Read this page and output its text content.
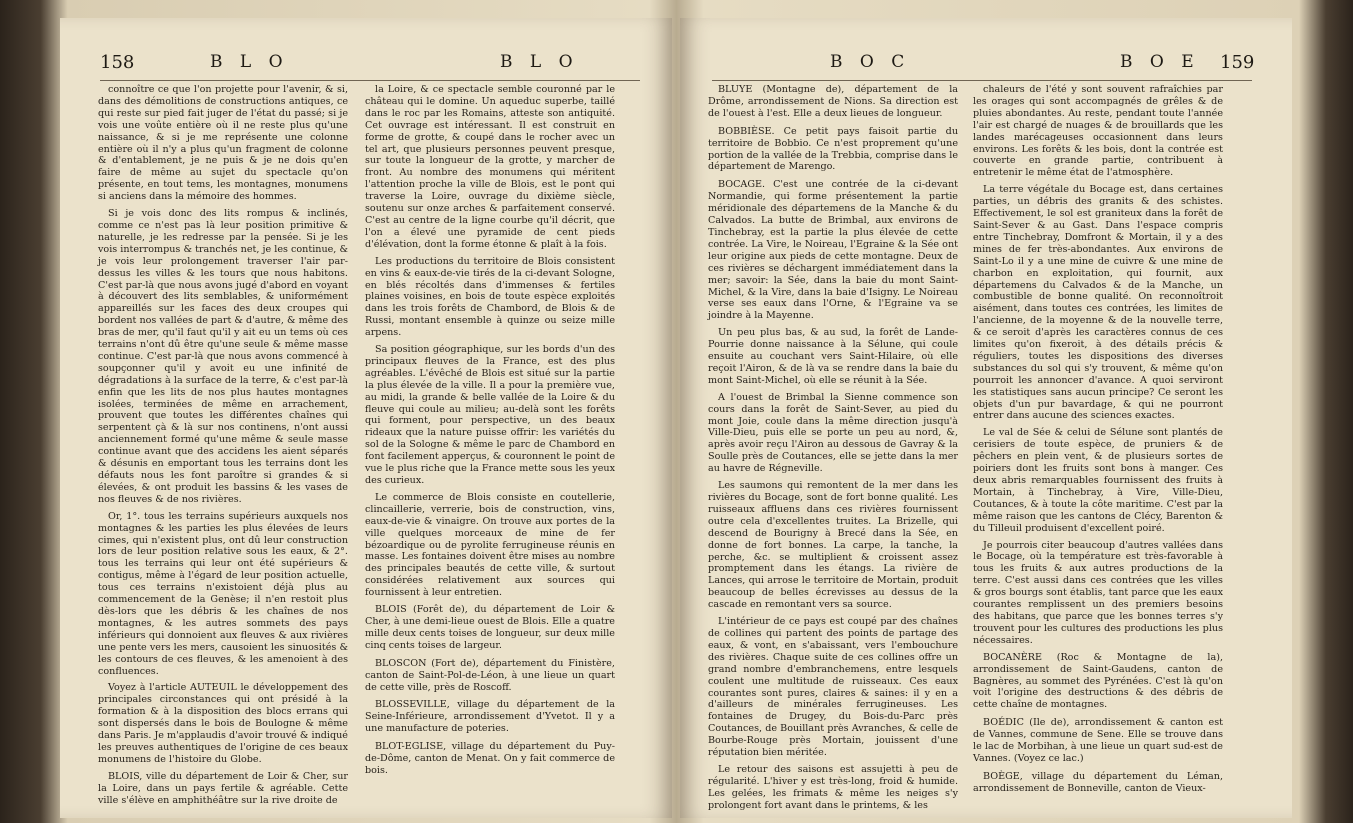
158	B L O	B L O

connoître ce que l'on projette pour l'avenir, & si, dans des démolitions de constructions antiques, ce qui reste sur pied fait juger de l'état du passé; si je vois une voûte entière où il ne reste plus qu'une naissance, & si je me représente une colonne entière où il n'y a plus qu'un fragment de colonne & d'entablement, je ne puis & je ne dois qu'en faire de même au sujet du spectacle qu'on présente, en tout tems, les montagnes, monumens si anciens dans la mémoire des hommes.

Si je vois donc des lits rompus & inclinés, comme ce n'est pas là leur position primitive & naturelle, je les redresse par la pensée. Si je les vois interrompus & tranchés net, je les continue, & je vois leur prolongement traverser l'air par-dessus les villes & les tours que nous habitons. C'est par-là que nous avons jugé d'abord en voyant à découvert des lits semblables, & uniformément appareillés sur les faces des deux croupes qui bordent nos vallées de part & d'autre, & même des bras de mer, qu'il faut qu'il y ait eu un tems où ces terrains n'ont dû être qu'une seule & même masse continue. C'est par-là que nous avons commencé à soupçonner qu'il y avoit eu une infinité de dégradations à la surface de la terre, & c'est par-là enfin que les lits de nos plus hautes montagnes isolées, terminées de même en arrachement, prouvent que toutes les différentes chaînes qui serpentent çà & là sur nos continens, n'ont aussi anciennement formé qu'une même & seule masse continue avant que des accidens les aient séparés & désunis en emportant tous les terrains dont les défauts nous les font paroître si grandes & si élevées, & ont produit les bassins & les vases de nos fleuves & de nos rivières.

Or, 1°. tous les terrains supérieurs auxquels nos montagnes & les parties les plus élevées de leurs cimes, qui n'existent plus, ont dû leur construction lors de leur position relative sous les eaux, & 2°. tous les terrains qui leur ont été supérieurs & contigus, même à l'égard de leur position actuelle, tous ces terrains n'existoient déjà plus au commencement de la Genèse; il n'en restoit plus dès-lors que les débris & les chaînes de nos montagnes, & les autres sommets des pays inférieurs qui donnoient aux fleuves & aux rivières une pente vers les mers, causoient les sinuosités & les contours de ces fleuves, & les amenoient à des confluences.

Voyez à l'article AUTEUIL le développement des principales circonstances qui ont présidé à la formation & à la disposition des blocs errans qui sont dispersés dans le bois de Boulogne & même dans Paris. Je m'applaudis d'avoir trouvé & indiqué les preuves authentiques de l'origine de ces beaux monumens de l'histoire du Globe.

BLOIS, ville du département de Loir & Cher, sur la Loire, dans un pays fertile & agréable. Cette ville s'élève en amphithéâtre sur la rive droite de

la Loire, & ce spectacle semble couronné par le château qui le domine. Un aqueduc superbe, taillé dans le roc par les Romains, atteste son antiquité. Cet ouvrage est intéressant. Il est construit en forme de grotte, & coupé dans le rocher avec un tel art, que plusieurs personnes peuvent presque, sur toute la longueur de la grotte, y marcher de front. Au nombre des monumens qui méritent l'attention proche la ville de Blois, est le pont qui traverse la Loire, ouvrage du dixième siècle, soutenu sur onze arches & parfaitement conservé. C'est au centre de la ligne courbe qu'il décrit, que l'on a élevé une pyramide de cent pieds d'élévation, dont la forme étonne & plaît à la fois.

Les productions du territoire de Blois consistent en vins & eaux-de-vie tirés de la ci-devant Sologne, en blés récoltés dans d'immenses & fertiles plaines voisines, en bois de toute espèce exploités dans les trois forêts de Chambord, de Blois & de Russi, montant ensemble à quinze ou seize mille arpens.

Sa position géographique, sur les bords d'un des principaux fleuves de la France, est des plus agréables. L'évêché de Blois est situé sur la partie la plus élevée de la ville. Il a pour la première vue, au midi, la grande & belle vallée de la Loire & du fleuve qui coule au milieu; au-delà sont les forêts qui forment, pour perspective, un des beaux rideaux que la nature puisse offrir: les variétés du sol de la Sologne & même le parc de Chambord en font facilement apperçus, & couronnent le point de vue le plus riche que la France mette sous les yeux des curieux.

Le commerce de Blois consiste en coutellerie, clincaillerie, verrerie, bois de construction, vins, eaux-de-vie & vinaigre. On trouve aux portes de la ville quelques morceaux de mine de fer bézoardique ou de pyrolite ferrugineuse réunis en masse. Les fontaines doivent être mises au nombre des principales beautés de cette ville, & surtout considérées relativement aux sources qui fournissent à leur entretien.

BLOIS (Forêt de), du département de Loir & Cher, à une demi-lieue ouest de Blois. Elle a quatre mille deux cents toises de longueur, sur deux mille cinq cents toises de largeur.

BLOSCON (Fort de), département du Finistère, canton de Saint-Pol-de-Léon, à une lieue un quart de cette ville, près de Roscoff.

BLOSSEVILLE, village du département de la Seine-Inférieure, arrondissement d'Yvetot. Il y a une manufacture de poteries.

BLOT-EGLISE, village du département du Puy-de-Dôme, canton de Menat. On y fait commerce de bois.

B O C	B O E 159

BLUYE (Montagne de), département de la Drôme, arrondissement de Nions. Sa direction est de l'ouest à l'est. Elle a deux lieues de longueur.

BOBBIÈSE. Ce petit pays faisoit partie du territoire de Bobbio. Ce n'est proprement qu'une portion de la vallée de la Trebbia, comprise dans le département de Marengo.

BOCAGE. C'est une contrée de la ci-devant Normandie, qui forme présentement la partie méridionale des départemens de la Manche & du Calvados. La butte de Brimbal, aux environs de Tinchebray, est la partie la plus élevée de cette contrée. La Vire, le Noireau, l'Egraine & la Sée ont leur origine aux pieds de cette montagne. Deux de ces rivières se déchargent immédiatement dans la mer; savoir: la Sée, dans la baie du mont Saint-Michel, & la Vire, dans la baie d'Isigny. Le Noireau verse ses eaux dans l'Orne, & l'Egraine va se joindre à la Mayenne.

Un peu plus bas, & au sud, la forêt de Lande-Pourrie donne naissance à la Sélune, qui coule ensuite au couchant vers Saint-Hilaire, où elle reçoit l'Airon, & de là va se rendre dans la baie du mont Saint-Michel, où elle se réunit à la Sée.

A l'ouest de Brimbal la Sienne commence son cours dans la forêt de Saint-Sever, au pied du mont Joie, coule dans la même direction jusqu'à Ville-Dieu, puis elle se porte un peu au nord, &, après avoir reçu l'Airon au dessous de Gavray & la Soulle près de Coutances, elle se jette dans la mer au havre de Régneville.

Les saumons qui remontent de la mer dans les rivières du Bocage, sont de fort bonne qualité. Les ruisseaux affluens dans ces rivières fournissent outre cela d'excellentes truites. La Brizelle, qui descend de Bourigny à Brecé dans la Sée, en donne de fort bonnes. La carpe, la tanche, la perche, &c. se multiplient & croissent assez promptement dans les étangs. La rivière de Lances, qui arrose le territoire de Mortain, produit beaucoup de belles écrevisses au dessus de la cascade en remontant vers sa source.

L'intérieur de ce pays est coupé par des chaînes de collines qui partent des points de partage des eaux, & vont, en s'abaissant, vers l'embouchure des rivières. Chaque suite de ces collines offre un grand nombre d'embranchemens, entre lesquels coulent une multitude de ruisseaux. Ces eaux courantes sont pures, claires & saines: il y en a d'ailleurs de minérales ferrugineuses. Les fontaines de Drugey, du Bois-du-Parc près Coutances, de Bouillant près Avranches, & celle de Bourbe-Rouge près Mortain, jouissent d'une réputation bien méritée.

Le retour des saisons est assujetti à peu de régularité. L'hiver y est très-long, froid & humide. Les gelées, les frimats & même les neiges s'y prolongent fort avant dans le printems, & les

chaleurs de l'été y sont souvent rafraîchies par les orages qui sont accompagnés de grêles & de pluies abondantes. Au reste, pendant toute l'année l'air est chargé de nuages & de brouillards que les landes marécageuses occasionnent dans leurs environs. Les forêts & les bois, dont la contrée est couverte en grande partie, contribuent à entretenir le même état de l'atmosphère.

La terre végétale du Bocage est, dans certaines parties, un débris des granits & des schistes. Effectivement, le sol est graniteux dans la forêt de Saint-Sever & au Gast. Dans l'espace compris entre Tinchebray, Domfront & Mortain, il y a des mines de fer très-abondantes. Aux environs de Saint-Lo il y a une mine de cuivre & une mine de charbon en exploitation, qui fournit, aux départemens du Calvados & de la Manche, un combustible de bonne qualité. On reconnoîtroit aisément, dans toutes ces contrées, les limites de l'ancienne, de la moyenne & de la nouvelle terre, & ce seroit d'après les caractères connus de ces limites qu'on fixeroit, à des détails précis & réguliers, toutes les dispositions des diverses substances du sol qui s'y trouvent, & même qu'on pourroit les annoncer d'avance. A quoi serviront les statistiques sans aucun principe? Ce seront les objets d'un pur bavardage, & qui ne pourront entrer dans aucune des sciences exactes.

Le val de Sée & celui de Sélune sont plantés de cerisiers de toute espèce, de pruniers & de pêchers en plein vent, & de plusieurs sortes de poiriers dont les fruits sont bons à manger. Ces deux abris remarquables fournissent des fruits à Mortain, à Tinchebray, à Vire, Ville-Dieu, Coutances, & à toute la côte maritime. C'est par la même raison que les cantons de Clécy, Barenton & du Tilleuil produisent d'excellent poiré.

Je pourrois citer beaucoup d'autres vallées dans le Bocage, où la température est très-favorable à tous les fruits & aux autres productions de la terre. C'est aussi dans ces contrées que les villes & gros bourgs sont établis, tant parce que les eaux courantes remplissent un des premiers besoins des habitans, que parce que les bonnes terres s'y trouvent pour les cultures des productions les plus nécessaires.

BOCANÈRE (Roc & Montagne de la), arrondissement de Saint-Gaudens, canton de Bagnères, au sommet des Pyrénées. C'est là qu'on voit l'origine des destructions & des débris de cette chaîne de montagnes.

BOÉDIC (Ile de), arrondissement & canton est de Vannes, commune de Sene. Elle se trouve dans le lac de Morbihan, à une lieue un quart sud-est de Vannes. (Voyez ce lac.)

BOÈGE, village du département du Léman, arrondissement de Bonneville, canton de Vieux-
